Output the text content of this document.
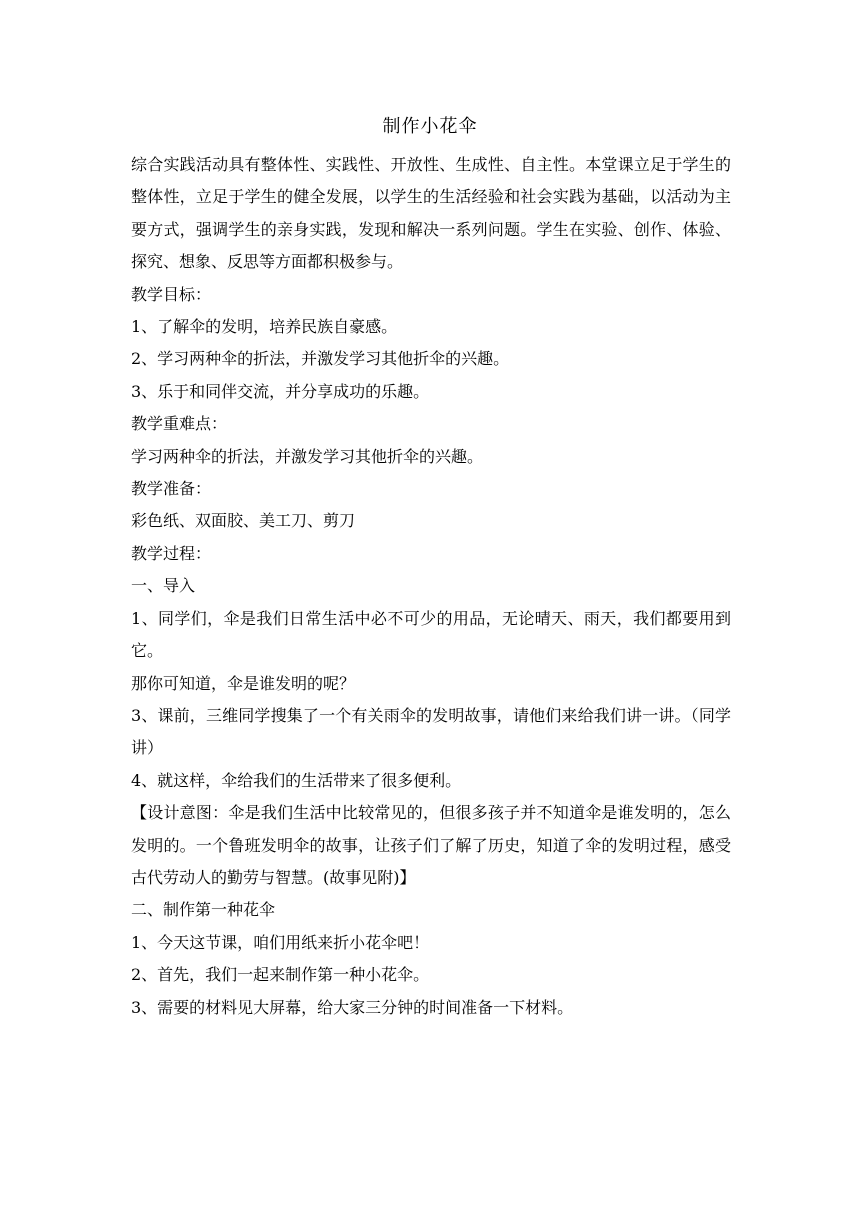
制作小花伞

综合实践活动具有整体性、实践性、开放性、生成性、自主性。本堂课立足于学生的整体性，立足于学生的健全发展，以学生的生活经验和社会实践为基础，以活动为主要方式，强调学生的亲身实践，发现和解决一系列问题。学生在实验、创作、体验、探究、想象、反思等方面都积极参与。

教学目标：

1、了解伞的发明，培养民族自豪感。

2、学习两种伞的折法，并激发学习其他折伞的兴趣。

3、乐于和同伴交流，并分享成功的乐趣。

教学重难点：

学习两种伞的折法，并激发学习其他折伞的兴趣。

教学准备：

彩色纸、双面胶、美工刀、剪刀

教学过程：

一、导入

1、同学们，伞是我们日常生活中必不可少的用品，无论晴天、雨天，我们都要用到它。

那你可知道，伞是谁发明的呢？

3、课前，三维同学搜集了一个有关雨伞的发明故事，请他们来给我们讲一讲。（同学讲）

4、就这样，伞给我们的生活带来了很多便利。

【设计意图：伞是我们生活中比较常见的，但很多孩子并不知道伞是谁发明的，怎么发明的。一个鲁班发明伞的故事，让孩子们了解了历史，知道了伞的发明过程，感受古代劳动人的勤劳与智慧。(故事见附)】

二、制作第一种花伞

1、今天这节课，咱们用纸来折小花伞吧！

2、首先，我们一起来制作第一种小花伞。

3、需要的材料见大屏幕，给大家三分钟的时间准备一下材料。
